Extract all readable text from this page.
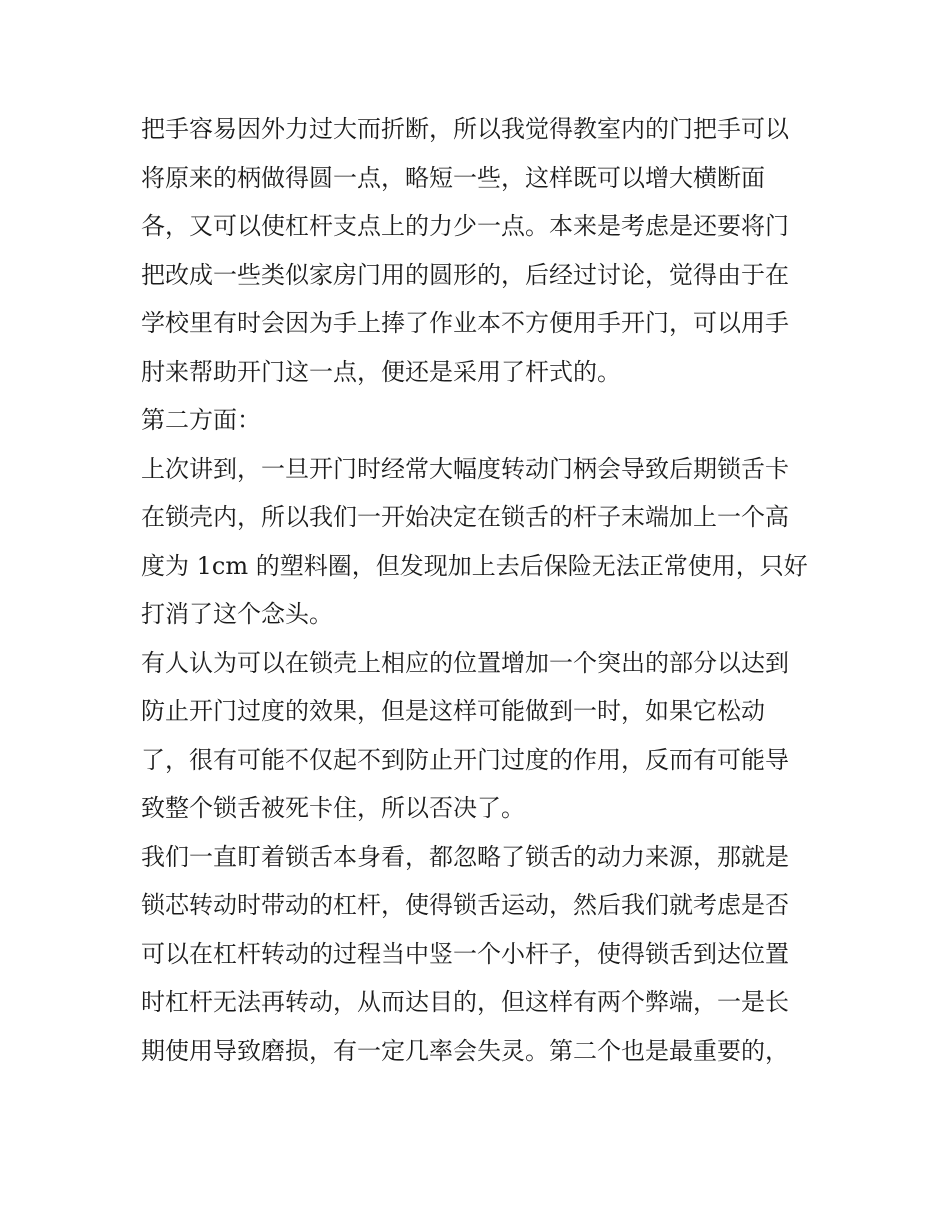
把手容易因外力过大而折断，所以我觉得教室内的门把手可以
将原来的柄做得圆一点，略短一些，这样既可以增大横断面
各，又可以使杠杆支点上的力少一点。本来是考虑是还要将门
把改成一些类似家房门用的圆形的，后经过讨论，觉得由于在
学校里有时会因为手上捧了作业本不方便用手开门，可以用手
肘来帮助开门这一点，便还是采用了杆式的。
第二方面：
上次讲到，一旦开门时经常大幅度转动门柄会导致后期锁舌卡
在锁壳内，所以我们一开始决定在锁舌的杆子末端加上一个高
度为 1cm 的塑料圈，但发现加上去后保险无法正常使用，只好
打消了这个念头。
有人认为可以在锁壳上相应的位置增加一个突出的部分以达到
防止开门过度的效果，但是这样可能做到一时，如果它松动
了，很有可能不仅起不到防止开门过度的作用，反而有可能导
致整个锁舌被死卡住，所以否决了。
我们一直盯着锁舌本身看，都忽略了锁舌的动力来源，那就是
锁芯转动时带动的杠杆，使得锁舌运动，然后我们就考虑是否
可以在杠杆转动的过程当中竖一个小杆子，使得锁舌到达位置
时杠杆无法再转动，从而达目的，但这样有两个弊端，一是长
期使用导致磨损，有一定几率会失灵。第二个也是最重要的，
